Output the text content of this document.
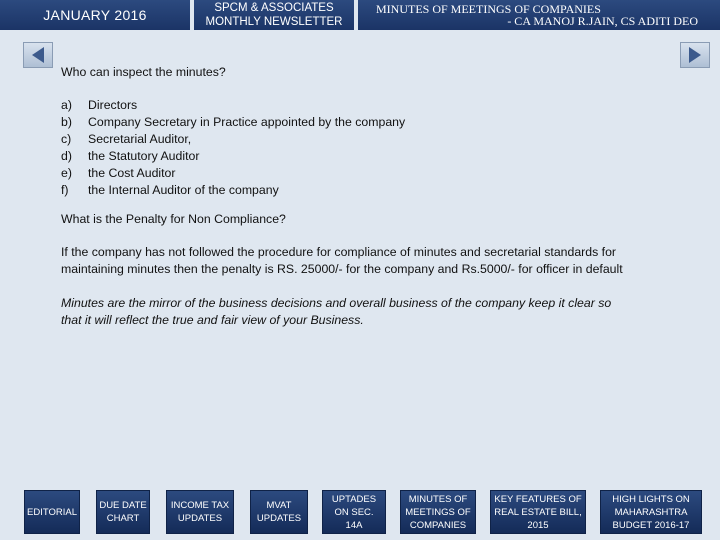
JANUARY 2016	SPCM & ASSOCIATES
MONTHLY NEWSLETTER
MINUTES OF MEETINGS OF COMPANIES
- CA MANOJ R.JAIN, CS ADITI DEO

Who can inspect the minutes?

a)	Directors
b)	Company Secretary in Practice appointed by the company
c)	Secretarial Auditor,
d)	the Statutory Auditor
e)	the Cost Auditor
f)	the Internal Auditor of the company

What is the Penalty for Non Compliance?

If the company has not followed the procedure for compliance of minutes and secretarial standards for
maintaining minutes then the penalty is RS. 25000/- for the company and Rs.5000/- for officer in default
Minutes are the mirror of the business decisions and overall business of the company keep it clear so
that it will reflect the true and fair view of your Business.
EDITORIAL
DUE DATE
CHART
INCOME TAX
UPDATES
MVAT
UPDATES
UPTADES
ON SEC. 14A
MINUTES OF
MEETINGS OF
COMPANIES
KEY FEATURES OF
REAL ESTATE BILL,
2015
HIGH LIGHTS ON
MAHARASHTRA
BUDGET 2016-17
